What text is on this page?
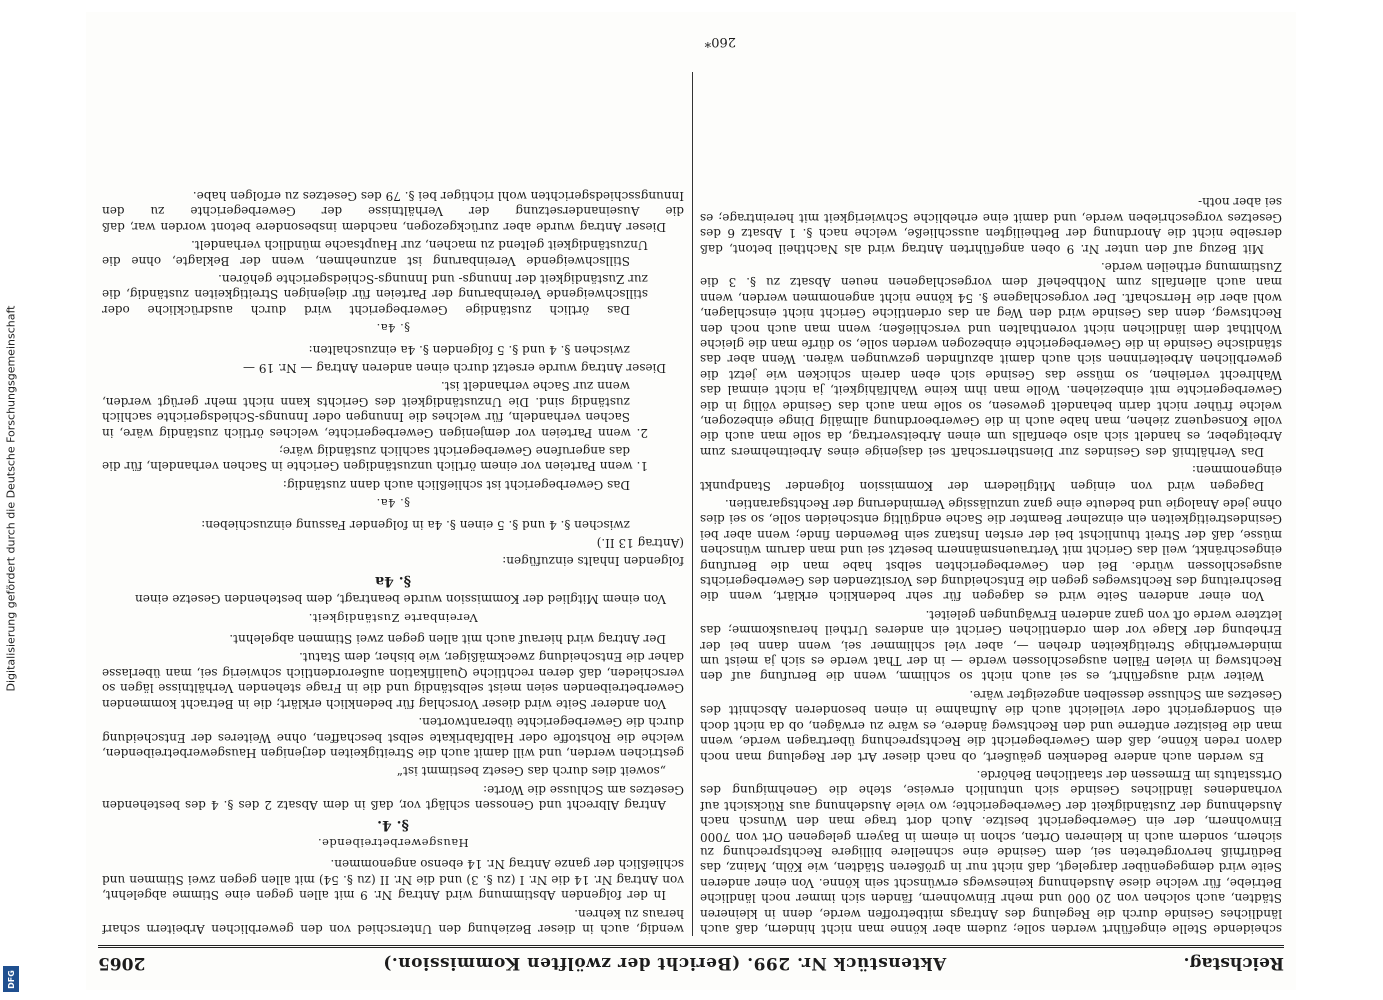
Digitalisierung gefördert durch die Deutsche Forschungsgemeinschaft
DFG
Reichstag.
Aktenstück Nr. 299. (Bericht der zwölften Kommission.)
2065

scheidende Stelle eingeführt werden solle; zudem aber könne man nicht hindern, daß auch ländliches Gesinde durch die Regelung des Antrags mitbetroffen werde, denn in kleineren Städten, auch solchen von 20 000 und mehr Einwohnern, fänden sich immer noch ländliche Betriebe, für welche diese Ausdehnung keineswegs erwünscht sein könne. Von einer anderen Seite wird demgegenüber dargelegt, daß nicht nur in größeren Städten, wie Köln, Mainz, das Bedürfniß hervorgetreten sei, dem Gesinde eine schnellere billigere Rechtsprechung zu sichern, sondern auch in kleineren Orten, schon in einem in Bayern gelegenen Ort von 7000 Einwohnern, der ein Gewerbegericht besitze. Auch dort trage man den Wunsch nach Ausdehnung der Zuständigkeit der Gewerbegerichte; wo viele Ausdehnung aus Rücksicht auf vorhandenes ländliches Gesinde sich untunlich erweise, stehe die Genehmigung des Ortsstatuts im Ermessen der staatlichen Behörde.

Es werden auch andere Bedenken geäußert, ob nach dieser Art der Regelung man noch davon reden könne, daß dem Gewerbegericht die Rechtsprechung übertragen werde, wenn man die Beisitzer entferne und den Rechtsweg ändere, es wäre zu erwägen, ob da nicht doch ein Sondergericht oder vielleicht auch die Aufnahme in einen besonderen Abschnitt des Gesetzes am Schlusse desselben angezeigter wäre.

Weiter wird ausgeführt, es sei auch nicht so schlimm, wenn die Berufung auf den Rechtsweg in vielen Fällen ausgeschlossen werde — in der That werde es sich ja meist um minderwerthige Streitigkeiten drehen —, aber viel schlimmer sei, wenn dann bei der Erhebung der Klage vor dem ordentlichen Gericht ein anderes Urtheil herauskomme; das letztere werde oft von ganz anderen Erwägungen geleitet.

Von einer anderen Seite wird es dagegen für sehr bedenklich erklärt, wenn die Beschreitung des Rechtsweges gegen die Entscheidung des Vorsitzenden des Gewerbegerichts ausgeschlossen würde. Bei den Gewerbegerichten selbst habe man die Berufung eingeschränkt, weil das Gericht mit Vertrauensmännern besetzt sei und man darum wünschen müsse, daß der Streit thunlichst bei der ersten Instanz sein Bewenden finde; wenn aber bei Gesindestreitigkeiten ein einzelner Beamter die Sache endgültig entscheiden solle, so sei dies ohne jede Analogie und bedeute eine ganz unzulässige Verminderung der Rechtsgarantien.

Dagegen wird von einigen Mitgliedern der Kommission folgender Standpunkt eingenommen:

Das Verhältniß des Gesindes zur Dienstherrschaft sei dasjenige eines Arbeitnehmers zum Arbeitgeber, es handelt sich also ebenfalls um einen Arbeitsvertrag, da solle man auch die volle Konsequenz ziehen, man habe auch in die Gewerbeordnung allmälig Dinge einbezogen, welche früher nicht darin behandelt gewesen, so solle man auch das Gesinde völlig in die Gewerbegerichte mit einbeziehen. Wolle man ihm keine Wahlfähigkeit, ja nicht einmal das Wahlrecht verleihen, so müsse das Gesinde sich eben darein schicken wie jetzt die gewerblichen Arbeiterinnen sich auch damit abzufinden gezwungen wären. Wenn aber das ständische Gesinde in die Gewerbegerichte einbezogen werden solle, so dürfe man die gleiche Wohlthat dem ländlichen nicht vorenthalten und verschließen; wenn man auch noch den Rechtsweg, denn das Gesinde wird den Weg an das ordentliche Gericht nicht einschlagen, wohl aber die Herrschaft. Der vorgeschlagene §. 54 könne nicht angenommen werden, wenn man auch allenfalls zum Nothbehelf dem vorgeschlagenen neuen Absatz zu §. 3 die Zustimmung ertheilen werde.

Mit Bezug auf den unter Nr. 9 oben angeführten Antrag wird als Nachtheil betont, daß derselbe nicht die Anordnung der Betheiligten ausschließe, welche nach §. 1 Absatz 6 des Gesetzes vorgeschrieben werde, und damit eine erhebliche Schwierigkeit mit hereintrage; es sei aber noth-

wendig, auch in dieser Beziehung den Unterschied von den gewerblichen Arbeitern scharf heraus zu kehren.

In der folgenden Abstimmung wird Antrag Nr. 9 mit allen gegen eine Stimme abgelehnt, von Antrag Nr. 14 die Nr. I (zu §. 3) und die Nr. II (zu §. 54) mit allen gegen zwei Stimmen und schließlich der ganze Antrag Nr. 14 ebenso angenommen.

Hausgewerbetreibende.
§. 4.

Antrag Albrecht und Genossen schlägt vor, daß in dem Absatz 2 des §. 4 des bestehenden Gesetzes am Schlusse die Worte:

„soweit dies durch das Gesetz bestimmt ist“

gestrichen werden, und will damit auch die Streitigkeiten derjenigen Hausgewerbetreibenden, welche die Rohstoffe oder Halbfabrikate selbst beschaffen, ohne Weiteres der Entscheidung durch die Gewerbegerichte überantworten.

Von anderer Seite wird dieser Vorschlag für bedenklich erklärt; die in Betracht kommenden Gewerbetreibenden seien meist selbständig und die in Frage stehenden Verhältnisse lägen so verschieden, daß deren rechtliche Qualifikation außerordentlich schwierig sei, man überlasse daher die Entscheidung zweckmäßiger, wie bisher, dem Statut.

Der Antrag wird hierauf auch mit allen gegen zwei Stimmen abgelehnt.

Vereinbarte Zuständigkeit.

Von einem Mitglied der Kommission wurde beantragt, dem bestehenden Gesetze einen

§. 4a

folgenden Inhalts einzufügen:

(Antrag 13 II.)

zwischen §. 4 und §. 5 einen §. 4a in folgender Fassung einzuschieben:

§. 4a.

Das Gewerbegericht ist schließlich auch dann zuständig:

1. wenn Parteien vor einem örtlich unzuständigen Gerichte in Sachen verhandeln, für die das angerufene Gewerbegericht sachlich zuständig wäre;

2. wenn Parteien vor demjenigen Gewerbegerichte, welches örtlich zuständig wäre, in Sachen verhandeln, für welches die Innungen oder Innungs-Schiedsgerichte sachlich zuständig sind. Die Unzuständigkeit des Gerichts kann nicht mehr gerügt werden, wenn zur Sache verhandelt ist.

Dieser Antrag wurde ersetzt durch einen anderen Antrag — Nr. 19 —

zwischen §. 4 und §. 5 folgenden §. 4a einzuschalten:

§. 4a.

Das örtlich zuständige Gewerbegericht wird durch ausdrückliche oder stillschweigende Vereinbarung der Parteien für diejenigen Streitigkeiten zuständig, die zur Zuständigkeit der Innungs- und Innungs-Schiedsgerichte gehören.

Stillschweigende Vereinbarung ist anzunehmen, wenn der Beklagte, ohne die Unzuständigkeit geltend zu machen, zur Hauptsache mündlich verhandelt.

Dieser Antrag wurde aber zurückgezogen, nachdem insbesondere betont worden war, daß die Auseinandersetzung der Verhältnisse der Gewerbegerichte zu den Innungsschiedsgerichten wohl richtiger bei §. 79 des Gesetzes zu erfolgen habe.

260*
